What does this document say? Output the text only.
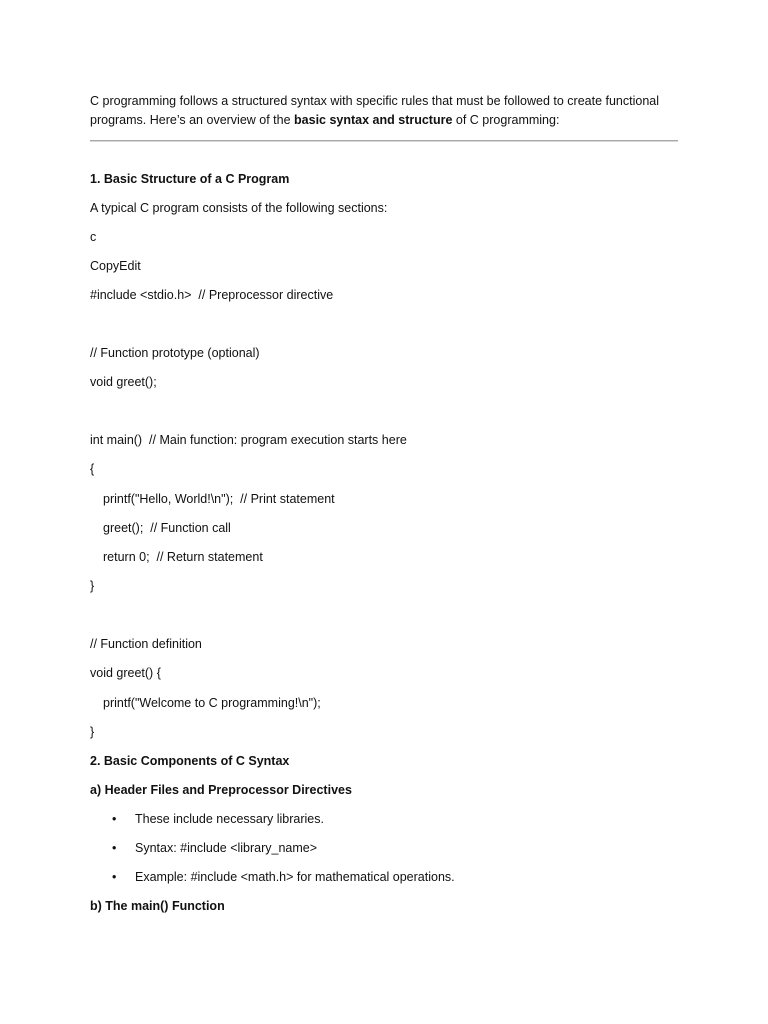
C programming follows a structured syntax with specific rules that must be followed to create functional programs. Here’s an overview of the basic syntax and structure of C programming:

1. Basic Structure of a C Program
A typical C program consists of the following sections:
c
CopyEdit
#include <stdio.h>  // Preprocessor directive
// Function prototype (optional)
void greet();
int main()  // Main function: program execution starts here
{
printf("Hello, World!\n");  // Print statement
greet();  // Function call
return 0;  // Return statement
}
// Function definition
void greet() {
printf("Welcome to C programming!\n");
}
2. Basic Components of C Syntax
a) Header Files and Preprocessor Directives
• These include necessary libraries.
• Syntax: #include <library_name>
• Example: #include <math.h> for mathematical operations.
b) The main() Function
